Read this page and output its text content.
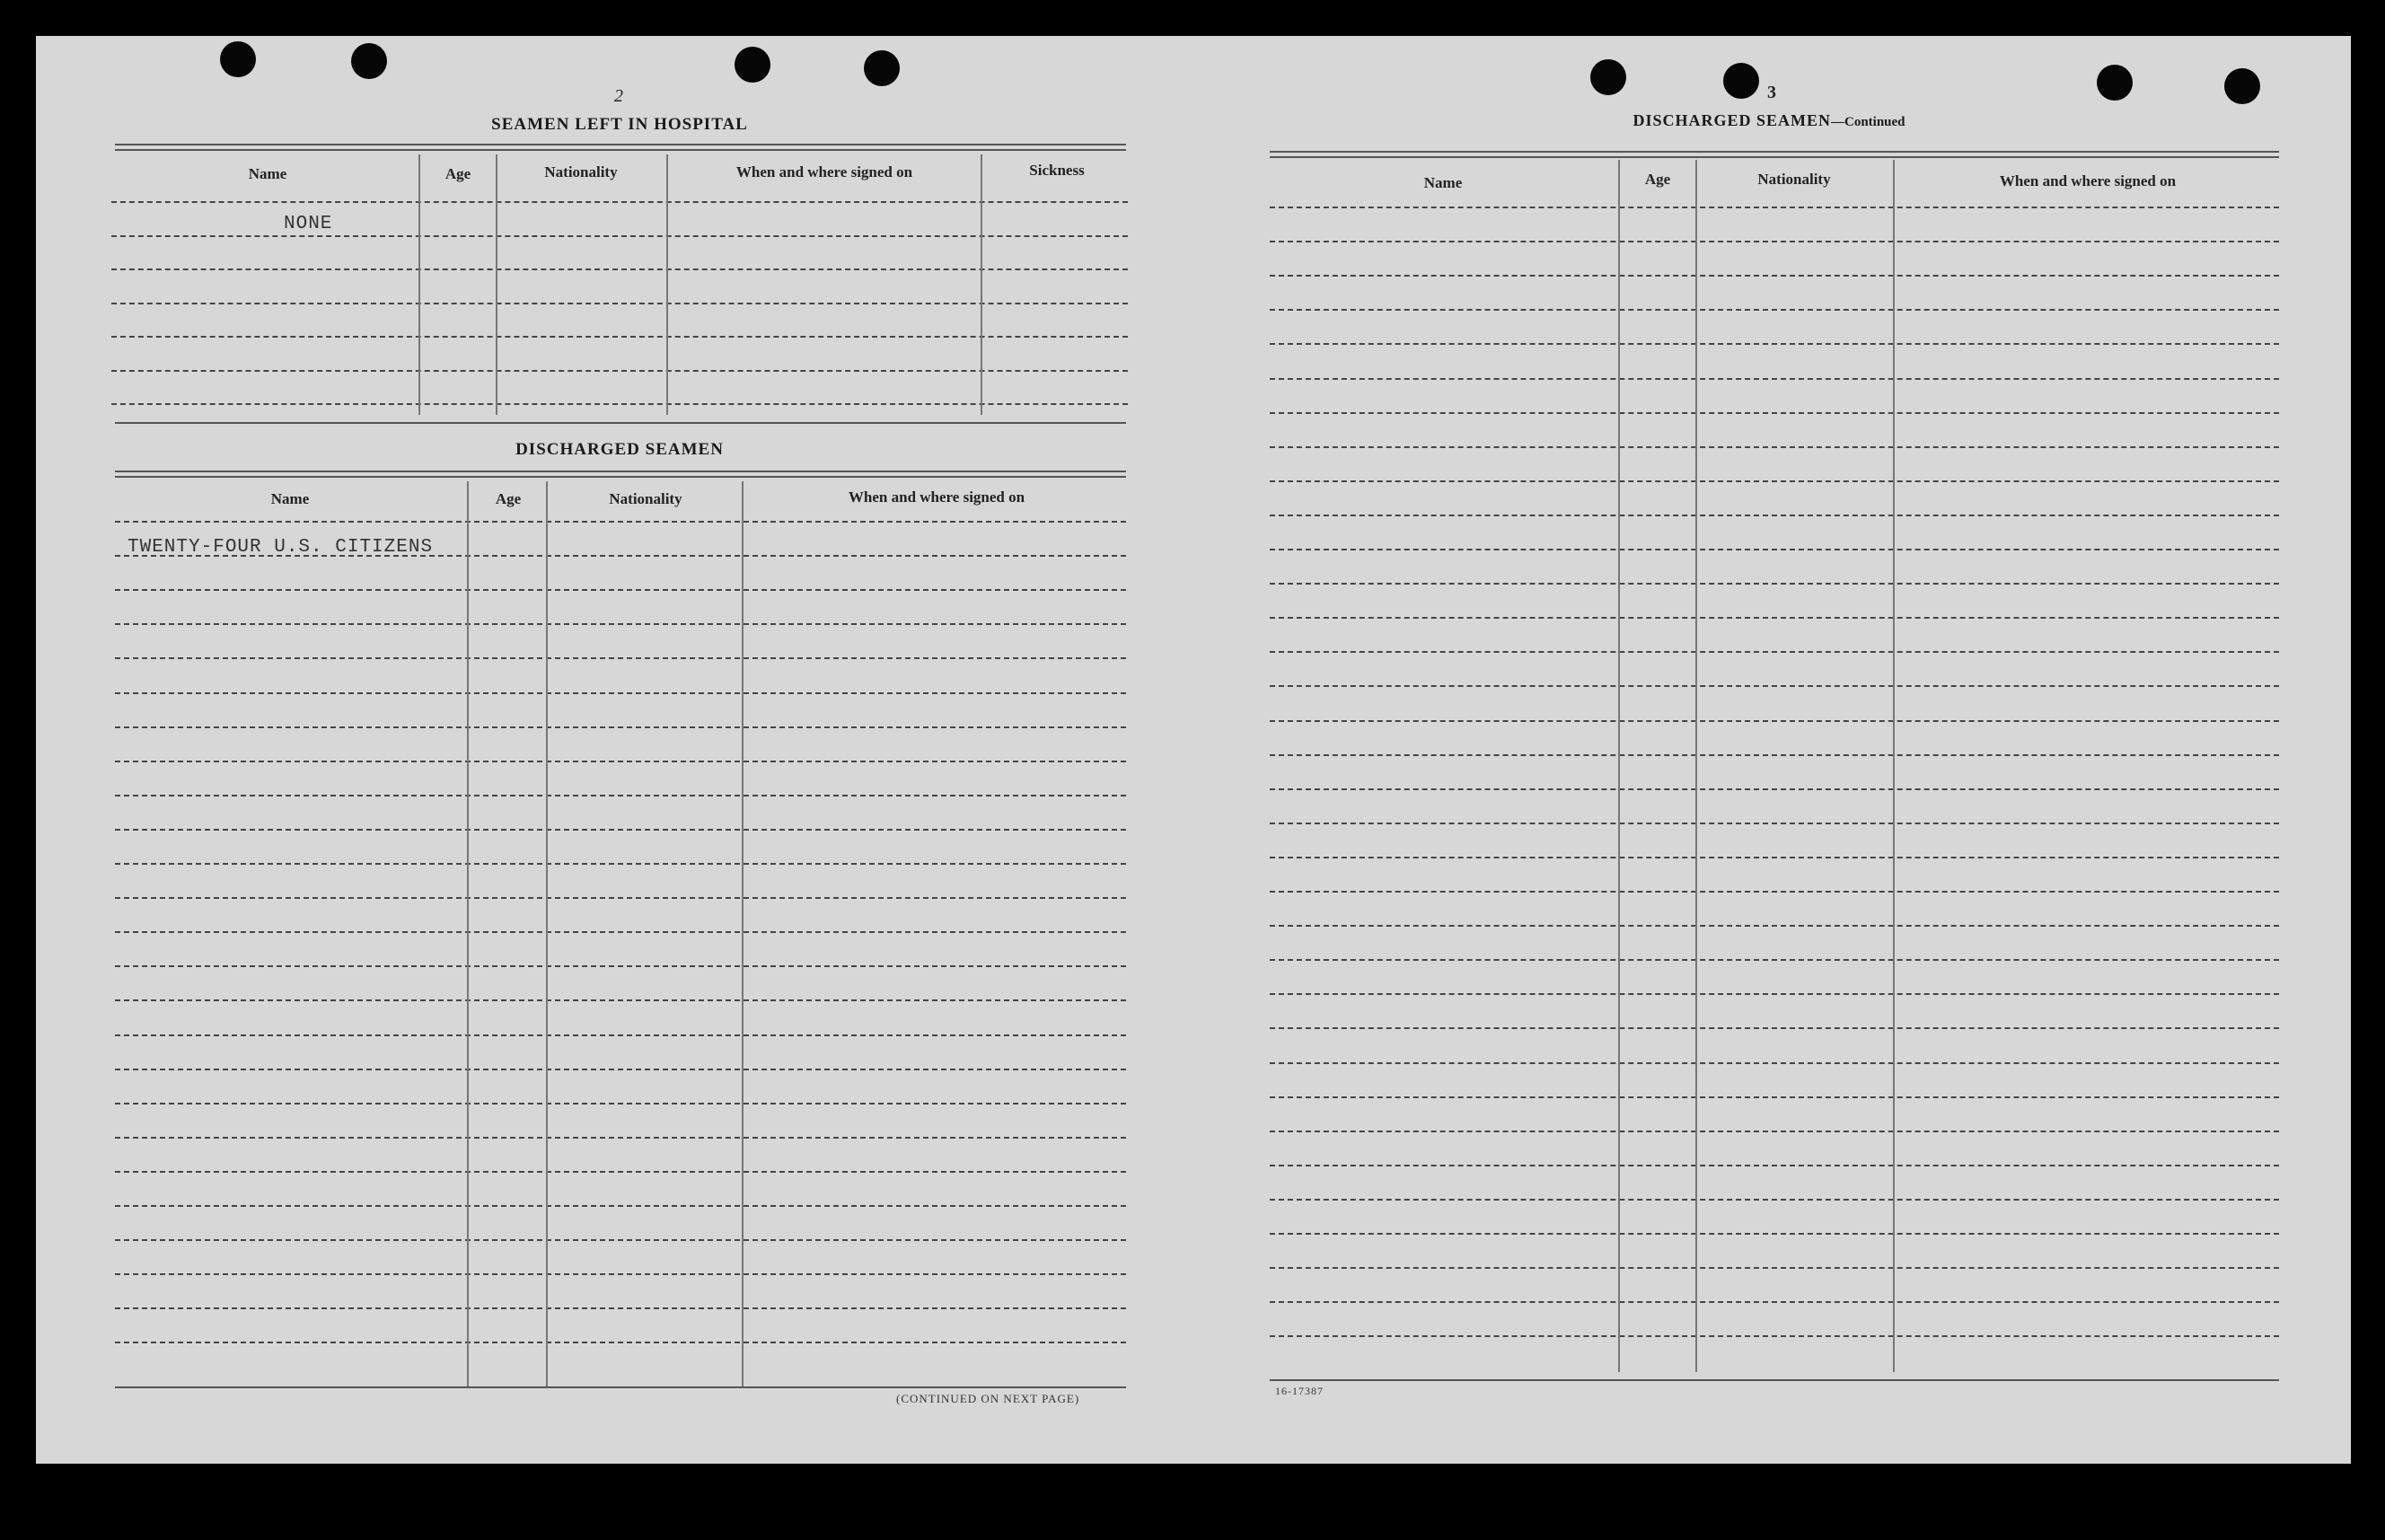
2
SEAMEN LEFT IN HOSPITAL
Name	Age	Nationality	When and where signed on	Sickness
NONE
DISCHARGED SEAMEN
Name	Age	Nationality	When and where signed on
TWENTY-FOUR U.S. CITIZENS
(CONTINUED ON NEXT PAGE)
3
DISCHARGED SEAMEN—Continued
Name	Age	Nationality	When and where signed on
16-17387
